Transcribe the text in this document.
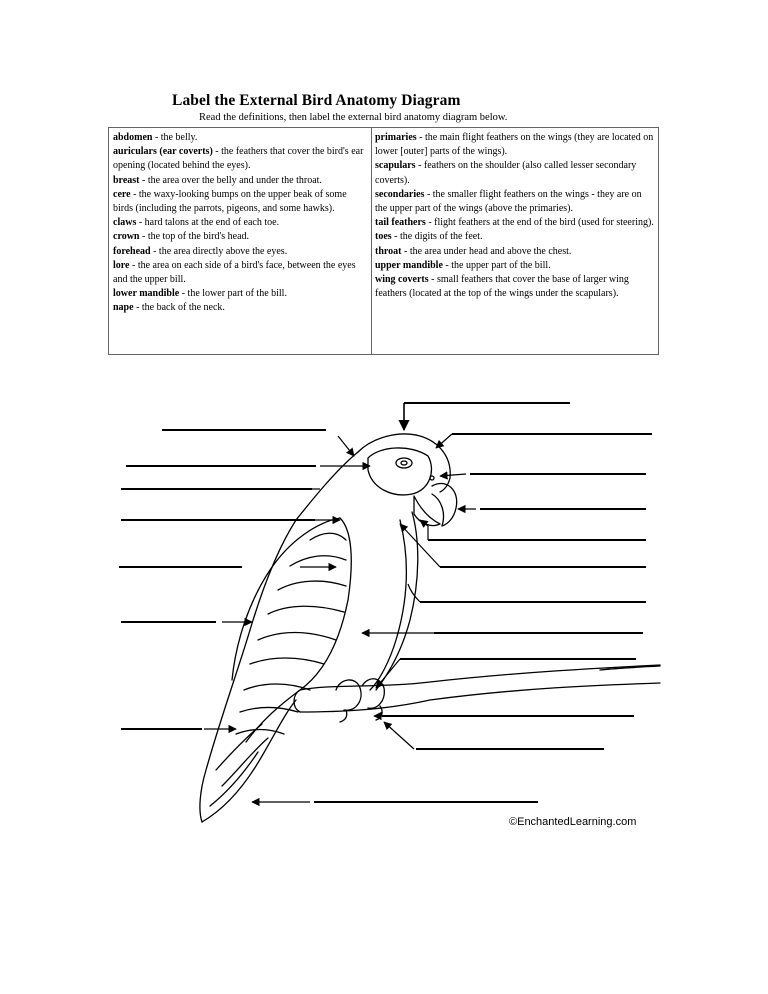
Label the External Bird Anatomy Diagram
Read the definitions, then label the external bird anatomy diagram below.

abdomen - the belly.

auriculars (ear coverts) - the feathers that cover the bird's ear opening (located behind the eyes).

breast - the area over the belly and under the throat.

cere - the waxy-looking bumps on the upper beak of some birds (including the parrots, pigeons, and some hawks).

claws - hard talons at the end of each toe.

crown - the top of the bird's head.

forehead - the area directly above the eyes.

lore - the area on each side of a bird's face, between the eyes and the upper bill.

lower mandible - the lower part of the bill.

nape - the back of the neck.

primaries - the main flight feathers on the wings (they are located on lower [outer] parts of the wings).

scapulars - feathers on the shoulder (also called lesser secondary coverts).

secondaries - the smaller flight feathers on the wings - they are on the upper part of the wings (above the primaries).

tail feathers - flight feathers at the end of the bird (used for steering).

toes - the digits of the feet.

throat - the area under head and above the chest.

upper mandible - the upper part of the bill.

wing coverts - small feathers that cover the base of larger wing feathers (located at the top of the wings under the scapulars).

©EnchantedLearning.com
